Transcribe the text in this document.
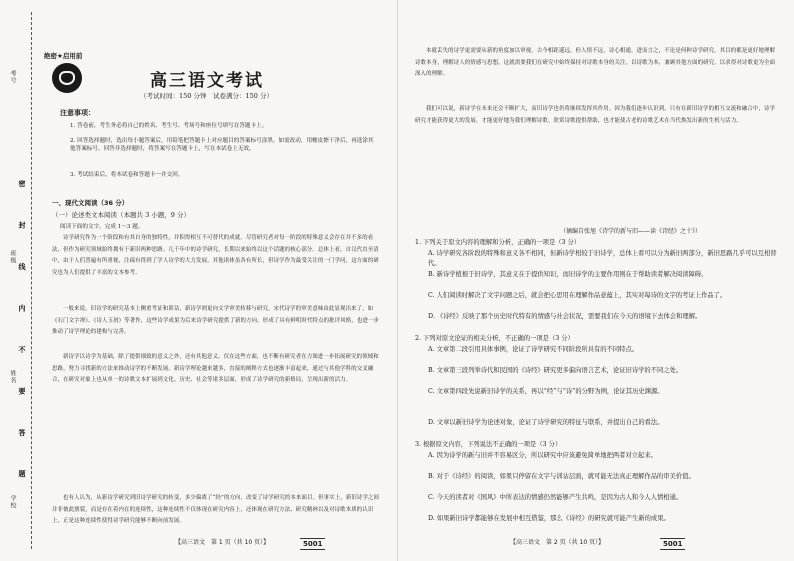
考号
班级
姓名
学校
密 封 线 内 不 要 答 题
绝密★启用前
高三语文考试
（考试时间：150 分钟　试卷满分：150 分）
注意事项：
1. 答卷前，考生务必将自己的姓名、考生号、考场号和座位号填写在答题卡上。
2. 回答选择题时，选出每小题答案后，用铅笔把答题卡上对应题目的答案标号涂黑。如需改动，用橡皮擦干净后，再选涂其他答案标号。回答非选择题时，将答案写在答题卡上，写在本试卷上无效。
3. 考试结束后，将本试卷和答题卡一并交回。
一、现代文阅读（36 分）
（一）论述类文本阅读（本题共 3 小题，9 分）
阅读下面的文字，完成 1～3 题。
诗学研究作为一个阶段和有其自身的独特性，并积得相互不可替代的成就。尽管研究者对每一阶段的特殊意义会存在并不多的看法，但作为研究领域始终拥有于新旧两种思路。几千年中的诗学研究，长期以来始终以这个话题的核心部分。总体上看，自汉代直至清中，由于人们普遍有所重视，注疏有得到了学人诗学的大力发展，其他诸体虽各有所长，但诗学作为最受关注的一门学问，这方面的研究也为人们提供了丰富的文本参考。
一般来说，旧诗学的研究基本上侧重考证和训诂，新诗学则更向文学审美转移与研究。宋代诗学的审美意味由此显现出来了，如《石门文字禅》、《诗人玉屑》等著作，这些诗学成果为后来诗学研究提供了新的方向，形成了具有鲜明时代特点的批评风格，也进一步推动了诗学理论的建构与完善。
新诗学以诗学为基础，除了提供细致的意义之外，还有其他意义。仅在这些方面，也不断有研究者在力图进一步拓展研究的领域和思路，努力寻找新的方法来推动诗学的不断发展。新诗学理论越来越多，直接的阐释方式也逐渐丰富起来，通过与其他学科的交叉融合，在研究对象上也从单一的诗歌文本扩展到文化、历史、社会等诸多层面，形成了诗学研究的新格局，呈现出新的活力。
也有人认为，从新诗学研究到旧诗学研究的转变，多少偏离了“经”的方向，改变了诗学研究的本来面目。但事实上，新旧诗学之间并非彼此割裂，而是存在着内在的连续性，这种连续性不仅体现在研究内容上，还体现在研究方法、研究精神以及对诗歌本质的认识上，正是这种连续性使得诗学研究能够不断向前发展。
【高三语文　第 1 页（共 10 页）】	5001
本就丢失的诗学更需要从新的角度加以审视，古今相距遥远，但人情不远，诗心相通。进而言之，不论是何种诗学研究，其目的都是更好地理解诗歌本身，理解诗人的情感与思想，这就需要我们在研究中始终保持对诗歌本身的关注，以诗歌为本，兼顾其他方面的研究，以求得对诗歌更为全面深入的理解。
我们可以说，新诗学在未来还会不断扩大，而旧诗学也仍将继续发挥其作用。因为我们逐步认识到，只有在新旧诗学的相互交流和融合中，诗学研究才能获得更大的发展，才能更好地为我们理解诗歌、欣赏诗歌提供帮助，也才能使古老的诗歌艺术在当代焕发出新的生机与活力。
（摘编自张旭《诗学的新与旧——读《诗经》之十》）
1. 下列关于原文内容的理解和分析，正确的一项是（3 分）
A. 诗学研究各阶段的特殊和意义各不相同，但新诗学相较于旧诗学，总体上看可以分为新旧两部分，新旧思路几乎可以互相替代。
B. 新诗学植根于旧诗学，其意义在于提供知识，而旧诗学的主要作用则在于帮助读者解决阅读障碍。
C. 人们阅读时解决了文字问题之后，就会把心思用在理解作品意蕴上，其实对每诗的文字的考证上作品了。
D. 《诗经》反映了那个历史时代特有的情感与社会状况，需要我们在今天的语境下去体会和理解。
2. 下列对原文论证的相关分析，不正确的一项是（3 分）
A. 文章第二段引用具体事例，论证了诗学研究不同阶段所具有的不同特点。
B. 文章第三段列举诗代和民国的《诗经》研究更多偏向语言艺术，论证旧诗学的不同之处。
C. 文章第四段先说新旧诗学的关系，再以“经”与“诗”的分野为例，论证其历史渊源。
D. 文章以新旧诗学为论述对象，论证了诗学研究的特征与联系，并提出自己的看法。
3. 根据原文内容，下列说法不正确的一项是（3 分）
A. 因为诗学的新与旧并不容易区分，所以研究中应该避免简单地把两者对立起来。
B. 对于《诗经》的阅读，如果只停留在文字与训诂层面，就可能无法真正理解作品的审美价值。
C. 今天的读者对《国风》中所表达的情感仍然能够产生共鸣，是因为古人和今人人情相通。
D. 如果新旧诗学都能够在发展中相互借鉴，那么《诗经》的研究就可能产生新的成果。
【高三语文　第 2 页（共 10 页）】	5001
